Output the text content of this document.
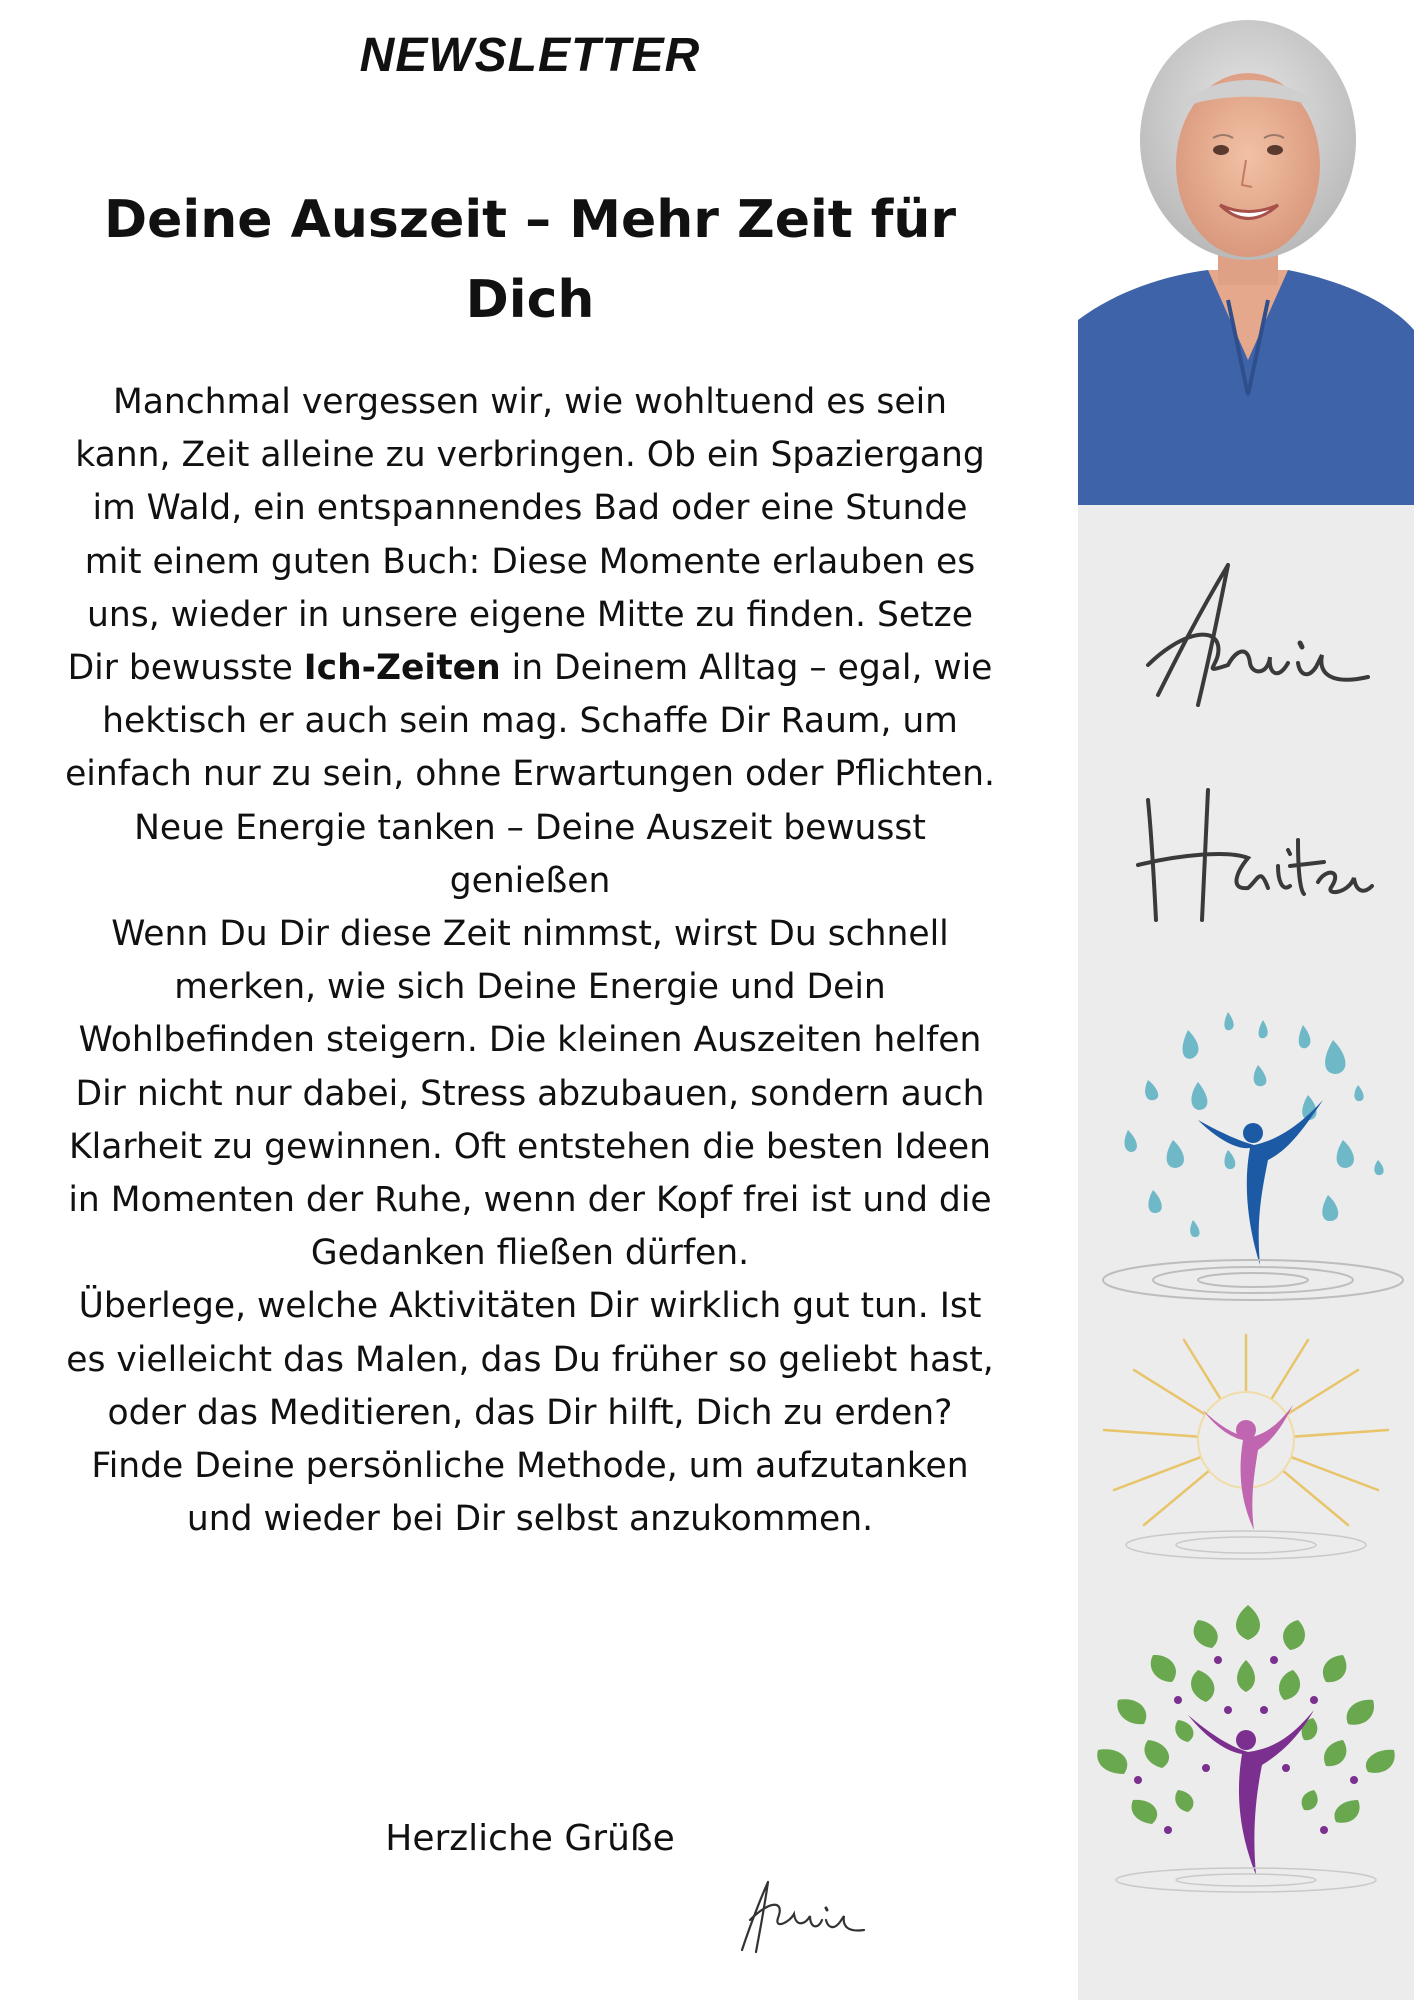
NEWSLETTER
Deine Auszeit – Mehr Zeit für
Dich

Manchmal vergessen wir, wie wohltuend es sein kann, Zeit alleine zu verbringen. Ob ein Spaziergang im Wald, ein entspannendes Bad oder eine Stunde mit einem guten Buch: Diese Momente erlauben es uns, wieder in unsere eigene Mitte zu finden. Setze Dir bewusste Ich-Zeiten in Deinem Alltag – egal, wie hektisch er auch sein mag. Schaffe Dir Raum, um einfach nur zu sein, ohne Erwartungen oder Pflichten.

Neue Energie tanken – Deine Auszeit bewusst genießen

Wenn Du Dir diese Zeit nimmst, wirst Du schnell merken, wie sich Deine Energie und Dein Wohlbefinden steigern. Die kleinen Auszeiten helfen Dir nicht nur dabei, Stress abzubauen, sondern auch Klarheit zu gewinnen. Oft entstehen die besten Ideen in Momenten der Ruhe, wenn der Kopf frei ist und die Gedanken fließen dürfen.

Überlege, welche Aktivitäten Dir wirklich gut tun. Ist es vielleicht das Malen, das Du früher so geliebt hast, oder das Meditieren, das Dir hilft, Dich zu erden? Finde Deine persönliche Methode, um aufzutanken und wieder bei Dir selbst anzukommen.

Herzliche Grüße
